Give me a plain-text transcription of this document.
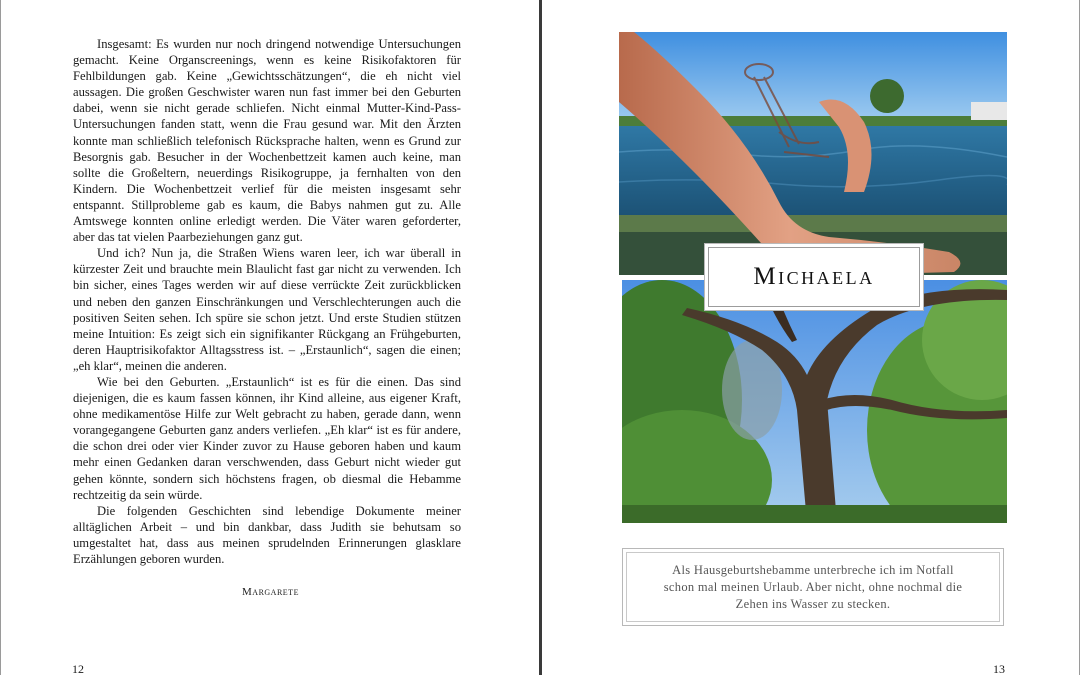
Insgesamt: Es wurden nur noch dringend notwendige Untersuchungen gemacht. Keine Organscreenings, wenn es keine Risikofaktoren für Fehlbildungen gab. Keine „Gewichtsschätzungen“, die eh nicht viel aussagen. Die großen Geschwister waren nun fast immer bei den Geburten dabei, wenn sie nicht gerade schliefen. Nicht einmal Mutter-Kind-Pass-Untersuchungen fanden statt, wenn die Frau gesund war. Mit den Ärzten konnte man schließlich telefonisch Rücksprache halten, wenn es Grund zur Besorgnis gab. Besucher in der Wochenbettzeit kamen auch keine, man sollte die Großeltern, neuerdings Risikogruppe, ja fernhalten von den Kindern. Die Wochenbettzeit verlief für die meisten insgesamt sehr entspannt. Stillprobleme gab es kaum, die Babys nahmen gut zu. Alle Amtswege konnten online erledigt werden. Die Väter waren geforderter, aber das tat vielen Paarbeziehungen ganz gut.

Und ich? Nun ja, die Straßen Wiens waren leer, ich war überall in kürzester Zeit und brauchte mein Blaulicht fast gar nicht zu verwenden. Ich bin sicher, eines Tages werden wir auf diese verrückte Zeit zurückblicken und neben den ganzen Einschränkungen und Verschlechterungen auch die positiven Seiten sehen. Ich spüre sie schon jetzt. Und erste Studien stützen meine Intuition: Es zeigt sich ein signifikanter Rückgang an Frühgeburten, deren Hauptrisikofaktor Alltagsstress ist. – „Erstaunlich“, sagen die einen; „eh klar“, meinen die anderen.

Wie bei den Geburten. „Erstaunlich“ ist es für die einen. Das sind diejenigen, die es kaum fassen können, ihr Kind alleine, aus eigener Kraft, ohne medikamentöse Hilfe zur Welt gebracht zu haben, gerade dann, wenn vorangegangene Geburten ganz anders verliefen. „Eh klar“ ist es für andere, die schon drei oder vier Kinder zuvor zu Hause geboren haben und kaum mehr einen Gedanken daran verschwenden, dass Geburt nicht wieder gut gehen könnte, sondern sich höchstens fragen, ob diesmal die Hebamme rechtzeitig da sein würde.

Die folgenden Geschichten sind lebendige Dokumente meiner alltäglichen Arbeit – und bin dankbar, dass Judith sie behutsam so umgestaltet hat, dass aus meinen sprudelnden Erinnerungen glasklare Erzählungen geboren wurden.

Margarete
12
Michaela
Als Hausgeburtshebamme unterbreche ich im Notfall schon mal meinen Urlaub. Aber nicht, ohne nochmal die Zehen ins Wasser zu stecken.
13
